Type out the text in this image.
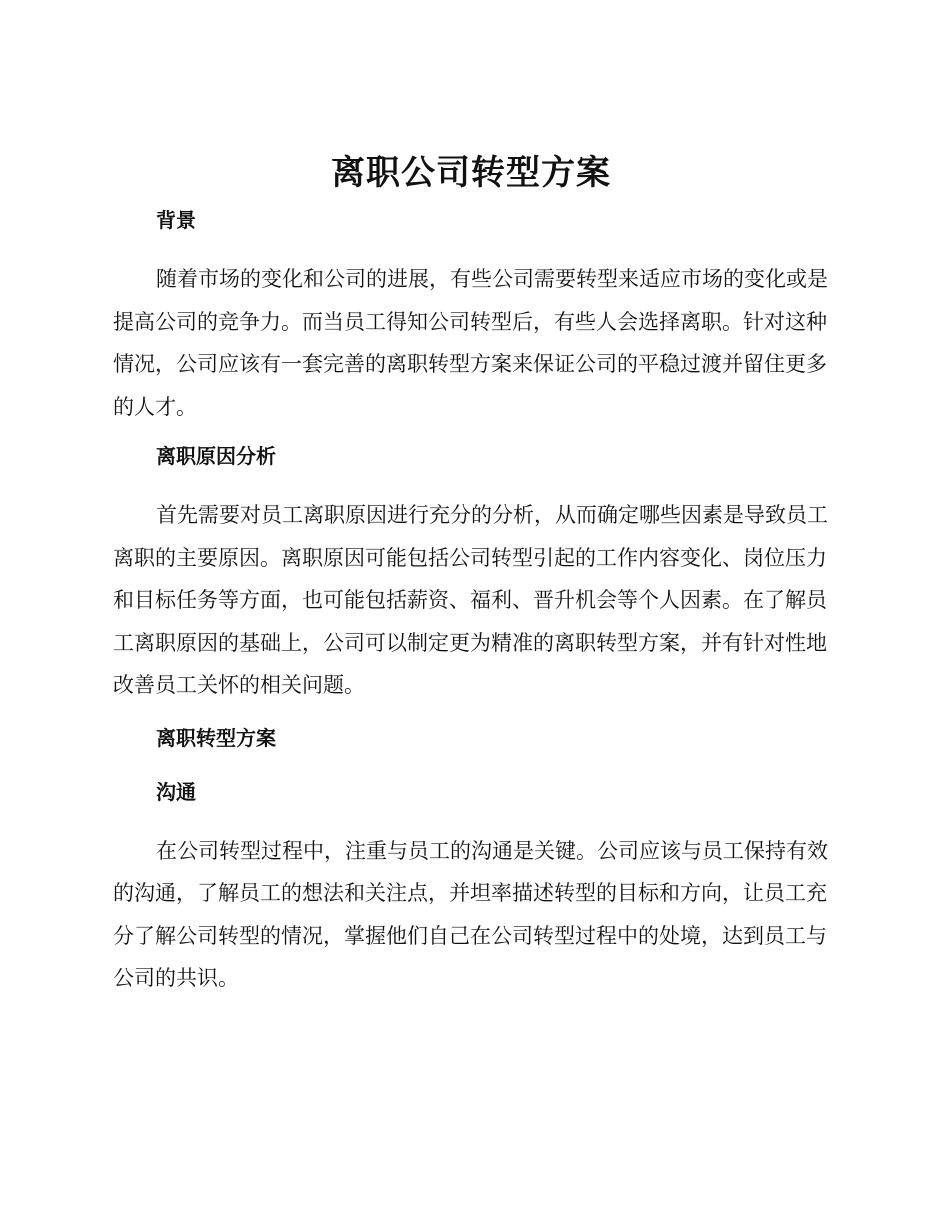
离职公司转型方案
背景

随着市场的变化和公司的进展，有些公司需要转型来适应市场的变化或是提高公司的竞争力。而当员工得知公司转型后，有些人会选择离职。针对这种情况，公司应该有一套完善的离职转型方案来保证公司的平稳过渡并留住更多的人才。

离职原因分析

首先需要对员工离职原因进行充分的分析，从而确定哪些因素是导致员工离职的主要原因。离职原因可能包括公司转型引起的工作内容变化、岗位压力和目标任务等方面，也可能包括薪资、福利、晋升机会等个人因素。在了解员工离职原因的基础上，公司可以制定更为精准的离职转型方案，并有针对性地改善员工关怀的相关问题。

离职转型方案
沟通

在公司转型过程中，注重与员工的沟通是关键。公司应该与员工保持有效的沟通，了解员工的想法和关注点，并坦率描述转型的目标和方向，让员工充分了解公司转型的情况，掌握他们自己在公司转型过程中的处境，达到员工与公司的共识。
